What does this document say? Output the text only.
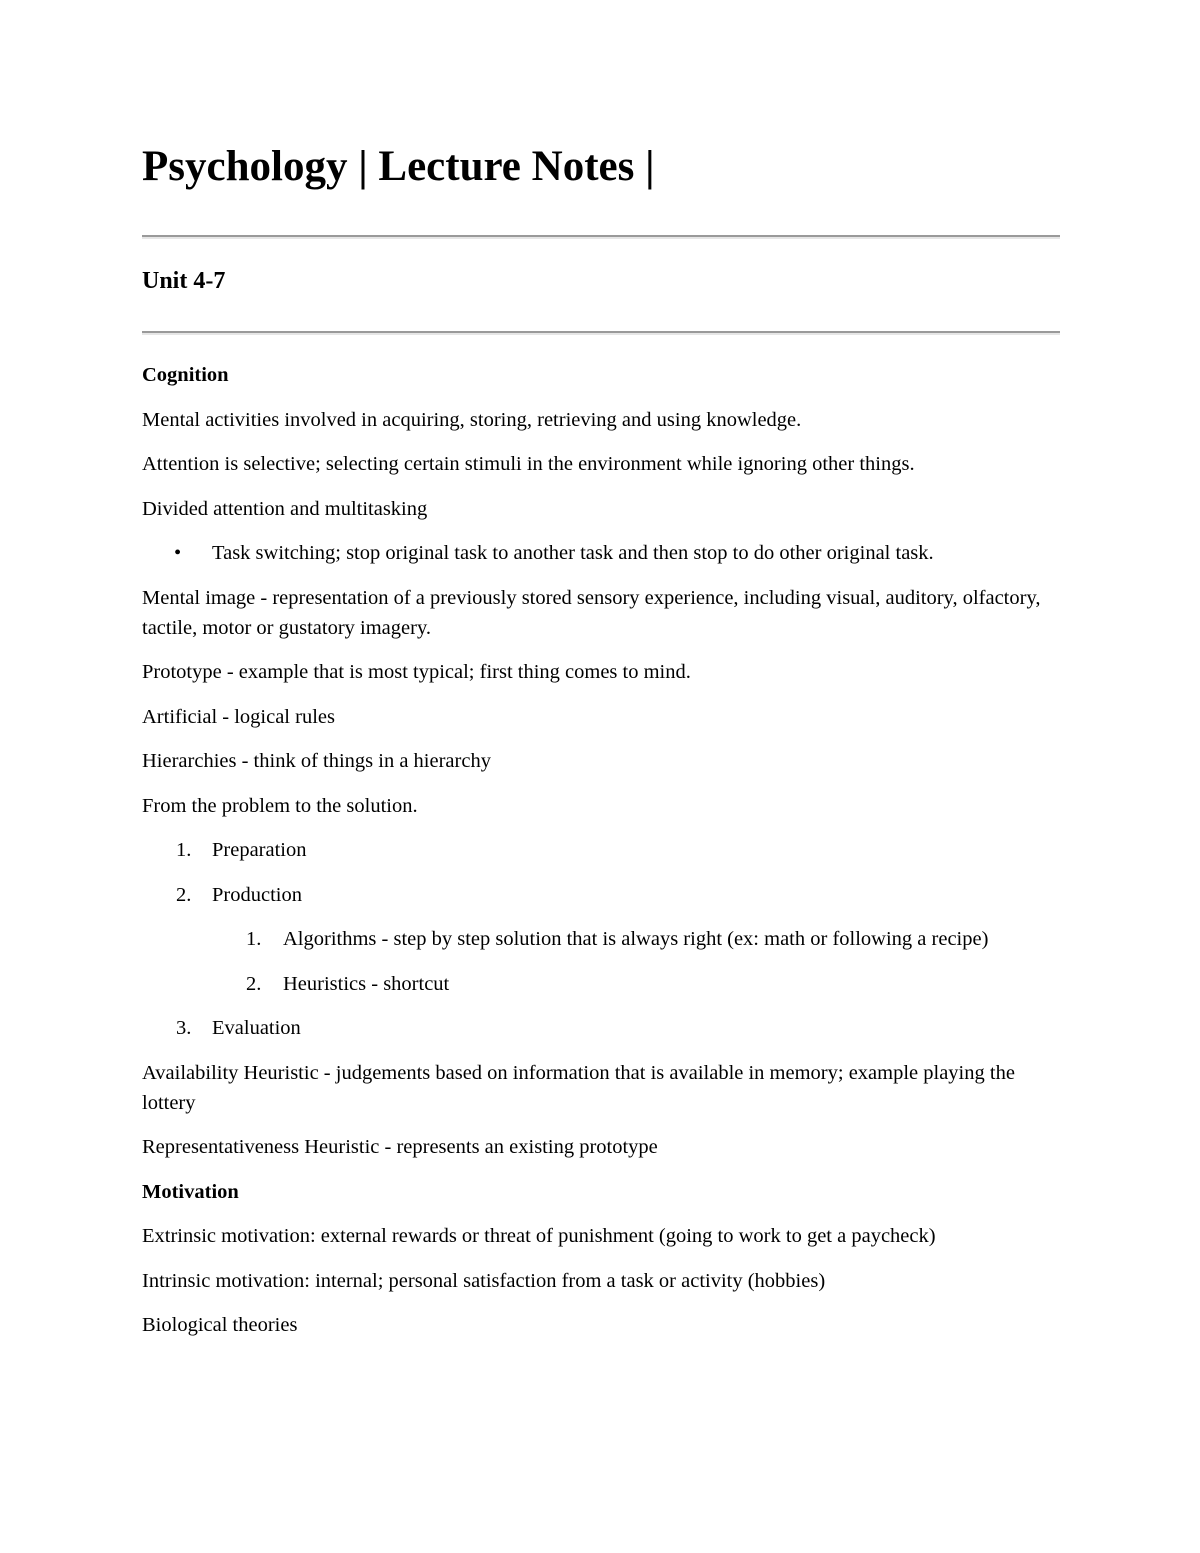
Psychology | Lecture Notes |
Unit 4-7

Cognition

Mental activities involved in acquiring, storing, retrieving and using knowledge.

Attention is selective; selecting certain stimuli in the environment while ignoring other things.

Divided attention and multitasking

• Task switching; stop original task to another task and then stop to do other original task.

Mental image - representation of a previously stored sensory experience, including visual, auditory, olfactory, tactile, motor or gustatory imagery.

Prototype - example that is most typical; first thing comes to mind.

Artificial - logical rules

Hierarchies - think of things in a hierarchy

From the problem to the solution.

1. Preparation
2. Production
1. Algorithms - step by step solution that is always right (ex: math or following a recipe)
2. Heuristics - shortcut
3. Evaluation

Availability Heuristic - judgements based on information that is available in memory; example playing the lottery

Representativeness Heuristic - represents an existing prototype

Motivation

Extrinsic motivation: external rewards or threat of punishment (going to work to get a paycheck)

Intrinsic motivation: internal; personal satisfaction from a task or activity (hobbies)

Biological theories
